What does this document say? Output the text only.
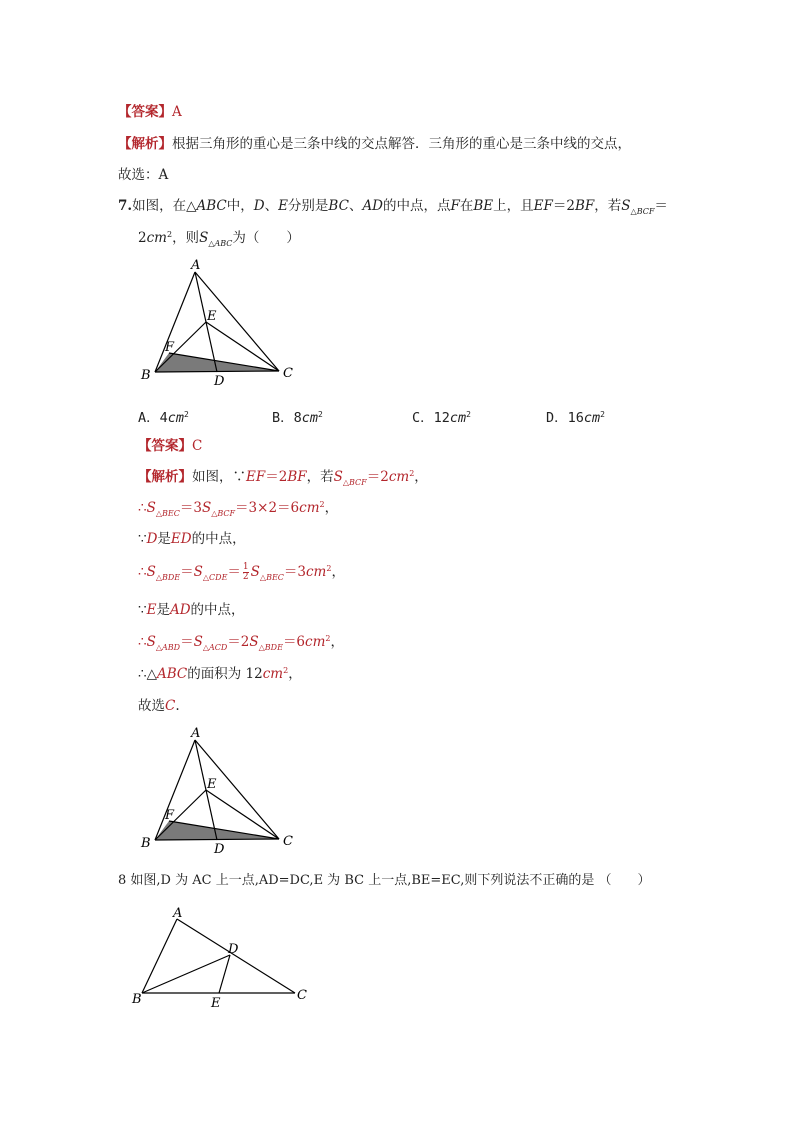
【答案】A
【解析】根据三角形的重心是三条中线的交点解答．三角形的重心是三条中线的交点，
故选：A
7.如图，在△ABC中，D、E分别是BC、AD的中点，点F在BE上，且EF＝2BF，若$S_{\triangle BCF}=$
$2cm^2$，则$S_{\triangle ABC}$为（　　）
A
B	C
D
E
F
A．$4cm^2$	B．$8cm^2$	C．$12cm^2$	D．$16cm^2$
【答案】C
【解析】如图，∵EF＝2BF，若$S_{\triangle BCF}=2cm^2$，
$\therefore S_{\triangle BEC}=3S_{\triangle BCF}=3\times 2=6cm^2$，
∵D是ED的中点，
$\therefore S_{\triangle BDE}=S_{\triangle CDE}= \frac{1}{2} S_{\triangle BEC}=3cm^2$，
∵E是AD的中点，
$\therefore S_{\triangle ABD}=S_{\triangle ACD}=2S_{\triangle BDE}=6cm^2$，
∴△ABC的面积为 $12cm^2$，
故选C.
A
B	C
D
E
F
8 如图,D 为 AC 上一点,AD=DC,E 为 BC 上一点,BE=EC,则下列说法不正确的是 （　　）
A
B	C
D
E
